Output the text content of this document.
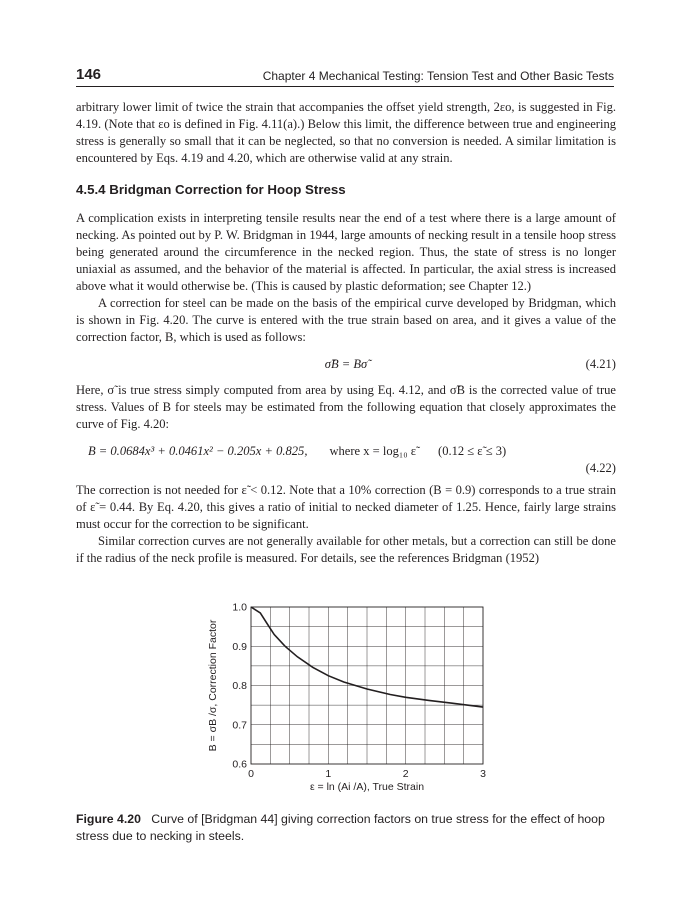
146	Chapter 4 Mechanical Testing: Tension Test and Other Basic Tests

arbitrary lower limit of twice the strain that accompanies the offset yield strength, 2εo, is suggested in Fig. 4.19. (Note that εo is defined in Fig. 4.11(a).) Below this limit, the difference between true and engineering stress is generally so small that it can be neglected, so that no conversion is needed. A similar limitation is encountered by Eqs. 4.19 and 4.20, which are otherwise valid at any strain.

4.5.4 Bridgman Correction for Hoop Stress

A complication exists in interpreting tensile results near the end of a test where there is a large amount of necking. As pointed out by P. W. Bridgman in 1944, large amounts of necking result in a tensile hoop stress being generated around the circumference in the necked region. Thus, the state of stress is no longer uniaxial as assumed, and the behavior of the material is affected. In particular, the axial stress is increased above what it would otherwise be. (This is caused by plastic deformation; see Chapter 12.)

A correction for steel can be made on the basis of the empirical curve developed by Bridgman, which is shown in Fig. 4.20. The curve is entered with the true strain based on area, and it gives a value of the correction factor, B, which is used as follows:

σ̃B = Bσ̃	(4.21)

Here, σ̃ is true stress simply computed from area by using Eq. 4.12, and σ̃B is the corrected value of true stress. Values of B for steels may be estimated from the following equation that closely approximates the curve of Fig. 4.20:

B = 0.0684x³ + 0.0461x² − 0.205x + 0.825, where x = log₁₀ ε̃ (0.12 ≤ ε̃ ≤ 3)
(4.22)

The correction is not needed for ε̃ < 0.12. Note that a 10% correction (B = 0.9) corresponds to a true strain of ε̃ = 0.44. By Eq. 4.20, this gives a ratio of initial to necked diameter of 1.25. Hence, fairly large strains must occur for the correction to be significant.

Similar correction curves are not generally available for other metals, but a correction can still be done if the radius of the neck profile is measured. For details, see the references Bridgman (1952)

0	1	2	3
0.6
0.7
0.8
0.9
1.0
ε = ln (Ai /A), True Strain
B = σB /σ, Correction Factor
Figure 4.20 Curve of [Bridgman 44] giving correction factors on true stress for the effect of hoop stress due to necking in steels.
